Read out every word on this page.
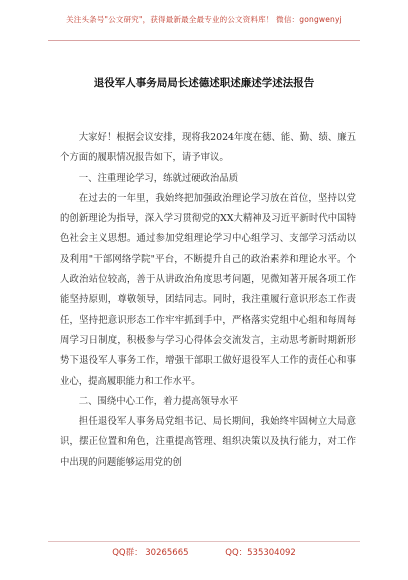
关注头条号"公文研究"，获得最新最全最专业的公文资料库！ 微信：gongwenyj
退役军人事务局局长述德述职述廉述学述法报告

大家好！根据会议安排，现将我2024年度在德、能、勤、绩、廉五个方面的履职情况报告如下，请予审议。

一、注重理论学习，练就过硬政治品质

在过去的一年里，我始终把加强政治理论学习放在首位，坚持以党的创新理论为指导，深入学习贯彻党的XX大精神及习近平新时代中国特色社会主义思想。通过参加党组理论学习中心组学习、支部学习活动以及利用"干部网络学院"平台，不断提升自己的政治素养和理论水平。个人政治站位较高，善于从讲政治角度思考问题，见微知著开展各项工作能坚持原则，尊敬领导，团结同志。同时，我注重履行意识形态工作责任，坚持把意识形态工作牢牢抓到手中，严格落实党组中心组和每周每周学习日制度，积极参与学习心得体会交流发言，主动思考新时期新形势下退役军人事务工作，增强干部职工做好退役军人工作的责任心和事业心，提高履职能力和工作水平。

二、围绕中心工作，着力提高领导水平

担任退役军人事务局党组书记、局长期间，我始终牢固树立大局意识，摆正位置和角色，注重提高管理、组织决策以及执行能力，对工作中出现的问题能够运用党的创

QQ群： 30265665	QQ：535304092
